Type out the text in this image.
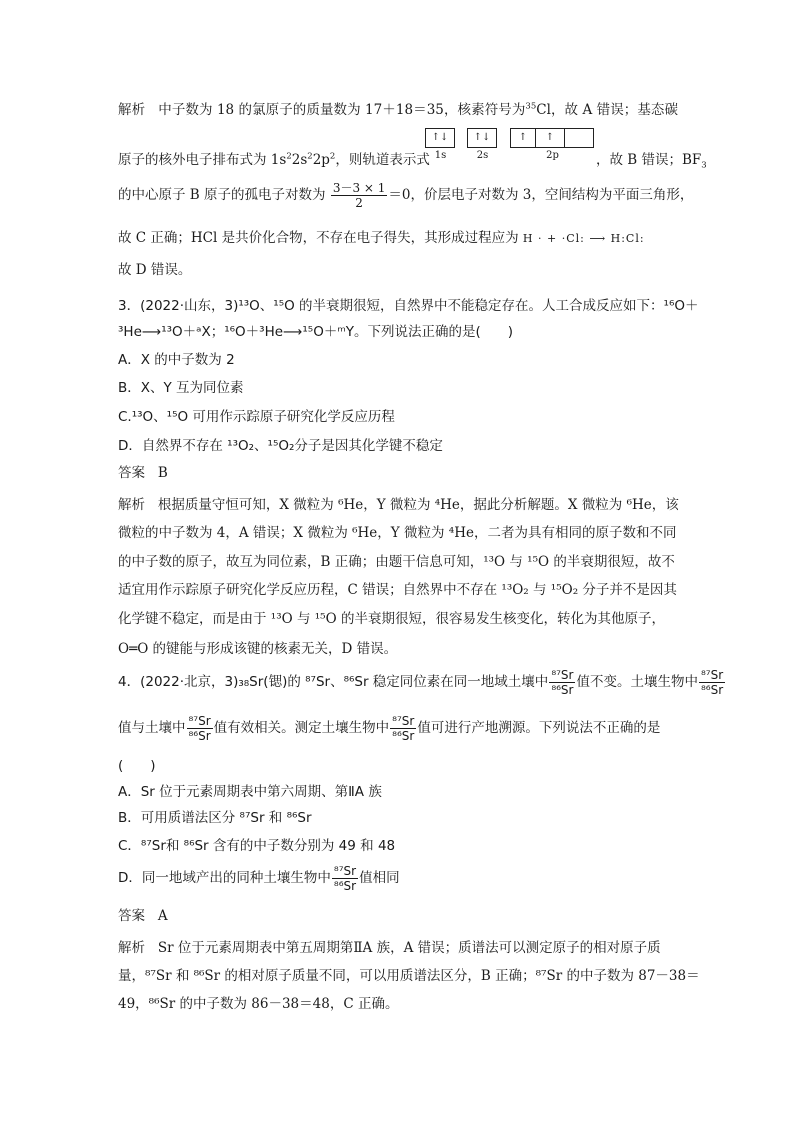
解析 中子数为 18 的氯原子的质量数为 17＋18＝35，核素符号为$^{35}$Cl，故 A 错误；基态碳
↑↓
1s
↑↓
2s
↑	↑
2p
原子的核外电子排布式为 $1s^22s^22p^2$，则轨道表示式	，故 B 错误；$BF_3$
的中心原子 B 原子的孤电子对数为 $\frac{3-3 \times 1}{2} =0$，价层电子对数为 3，空间结构为平面三角形，
故 C 正确；HCl 是共价化合物，不存在电子得失，其形成过程应为 H · + ·Cl: ⟶ H:Cl:
故 D 错误。
3．(2022·山东，3)¹³O、¹⁵O 的半衰期很短，自然界中不能稳定存在。人工合成反应如下：¹⁶O＋
³He⟶¹³O＋ᵃX；¹⁶O＋³He⟶¹⁵O＋ᵐY。下列说法正确的是(　　)
A．X 的中子数为 2
B．X、Y 互为同位素
C.¹³O、¹⁵O 可用作示踪原子研究化学反应历程
D．自然界不存在 ¹³O₂、¹⁵O₂分子是因其化学键不稳定
答案 B
解析 根据质量守恒可知，X 微粒为 ⁶He，Y 微粒为 ⁴He，据此分析解题。X 微粒为 ⁶He，该
微粒的中子数为 4，A 错误；X 微粒为 ⁶He，Y 微粒为 ⁴He，二者为具有相同的原子数和不同
的中子数的原子，故互为同位素，B 正确；由题干信息可知，¹³O 与 ¹⁵O 的半衰期很短，故不
适宜用作示踪原子研究化学反应历程，C 错误；自然界中不存在 ¹³O₂ 与 ¹⁵O₂ 分子并不是因其
化学键不稳定，而是由于 ¹³O 与 ¹⁵O 的半衰期很短，很容易发生核变化，转化为其他原子，
O═O 的键能与形成该键的核素无关，D 错误。
4．(2022·北京，3)₃₈Sr(锶)的 ⁸⁷Sr、⁸⁶Sr 稳定同位素在同一地域土壤中 $\frac{\text{⁸⁷Sr}}{\text{⁸⁶Sr}}$ 值不变。土壤生物中 $\frac{\text{⁸⁷Sr}}{\text{⁸⁶Sr}}$
值与土壤中 $\frac{\text{⁸⁷Sr}}{\text{⁸⁶Sr}}$ 值有效相关。测定土壤生物中 $\frac{\text{⁸⁷Sr}}{\text{⁸⁶Sr}}$ 值可进行产地溯源。下列说法不正确的是
(　　)
A．Sr 位于元素周期表中第六周期、第ⅡA 族
B．可用质谱法区分 ⁸⁷Sr 和 ⁸⁶Sr
C．⁸⁷Sr和 ⁸⁶Sr 含有的中子数分别为 49 和 48
D．同一地域产出的同种土壤生物中 $\frac{\text{⁸⁷Sr}}{\text{⁸⁶Sr}}$ 值相同
答案 A
解析 Sr 位于元素周期表中第五周期第ⅡA 族，A 错误；质谱法可以测定原子的相对原子质
量，⁸⁷Sr 和 ⁸⁶Sr 的相对原子质量不同，可以用质谱法区分，B 正确；⁸⁷Sr 的中子数为 87－38＝
49，⁸⁶Sr 的中子数为 86－38＝48，C 正确。
